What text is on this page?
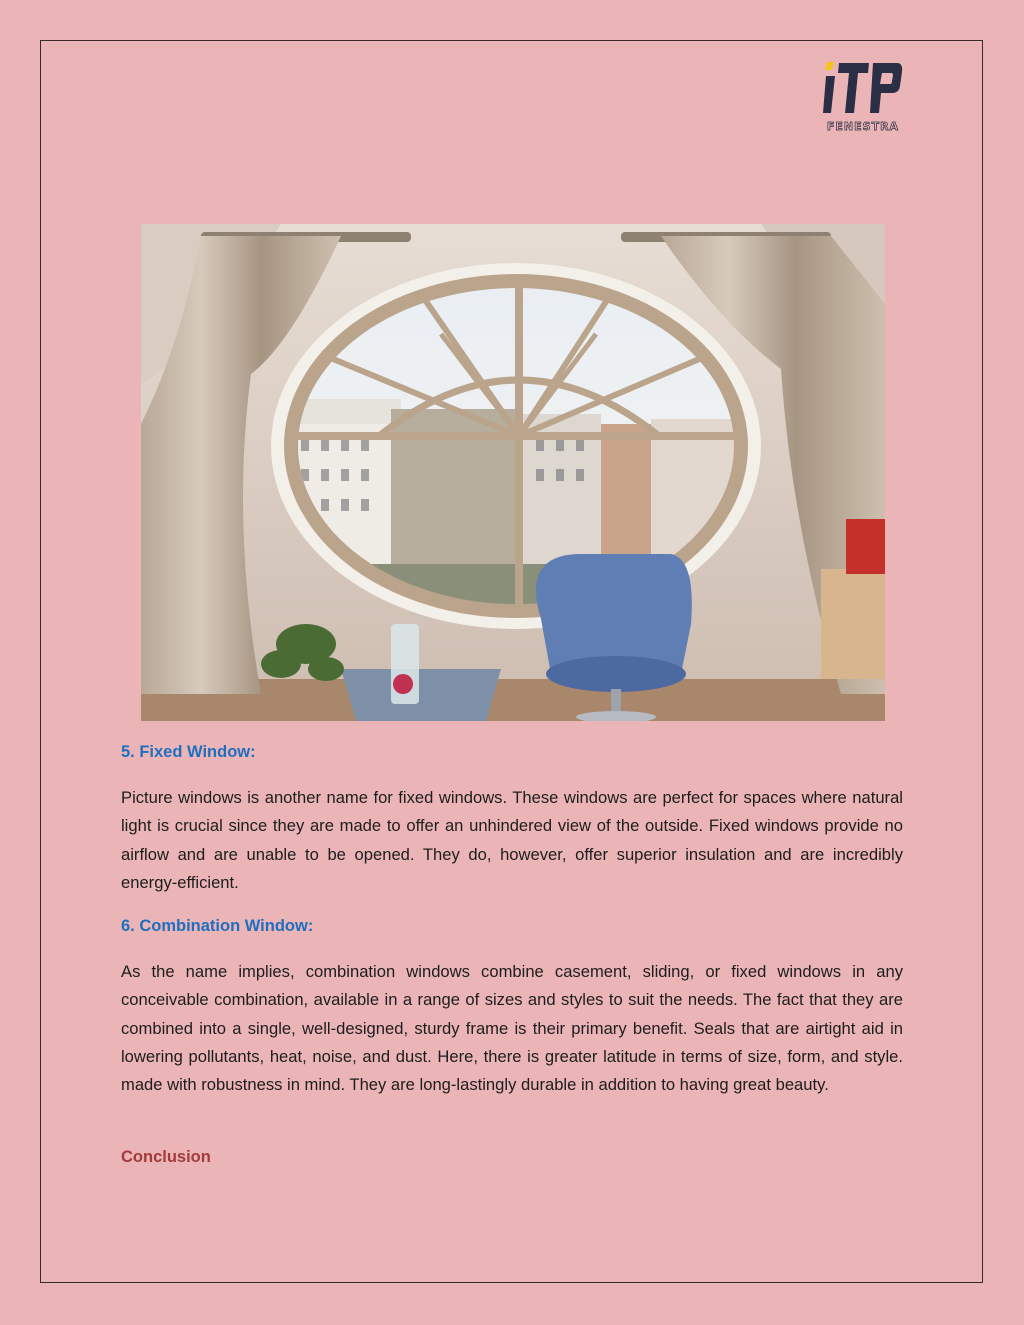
FENESTRA
5. Fixed Window:

Picture windows is another name for fixed windows. These windows are perfect for spaces where natural light is crucial since they are made to offer an unhindered view of the outside. Fixed windows provide no airflow and are unable to be opened. They do, however, offer superior insulation and are incredibly energy-efficient.

6. Combination Window:

As the name implies, combination windows combine casement, sliding, or fixed windows in any conceivable combination, available in a range of sizes and styles to suit the needs. The fact that they are combined into a single, well-designed, sturdy frame is their primary benefit. Seals that are airtight aid in lowering pollutants, heat, noise, and dust. Here, there is greater latitude in terms of size, form, and style. made with robustness in mind. They are long-lastingly durable in addition to having great beauty.

Conclusion
